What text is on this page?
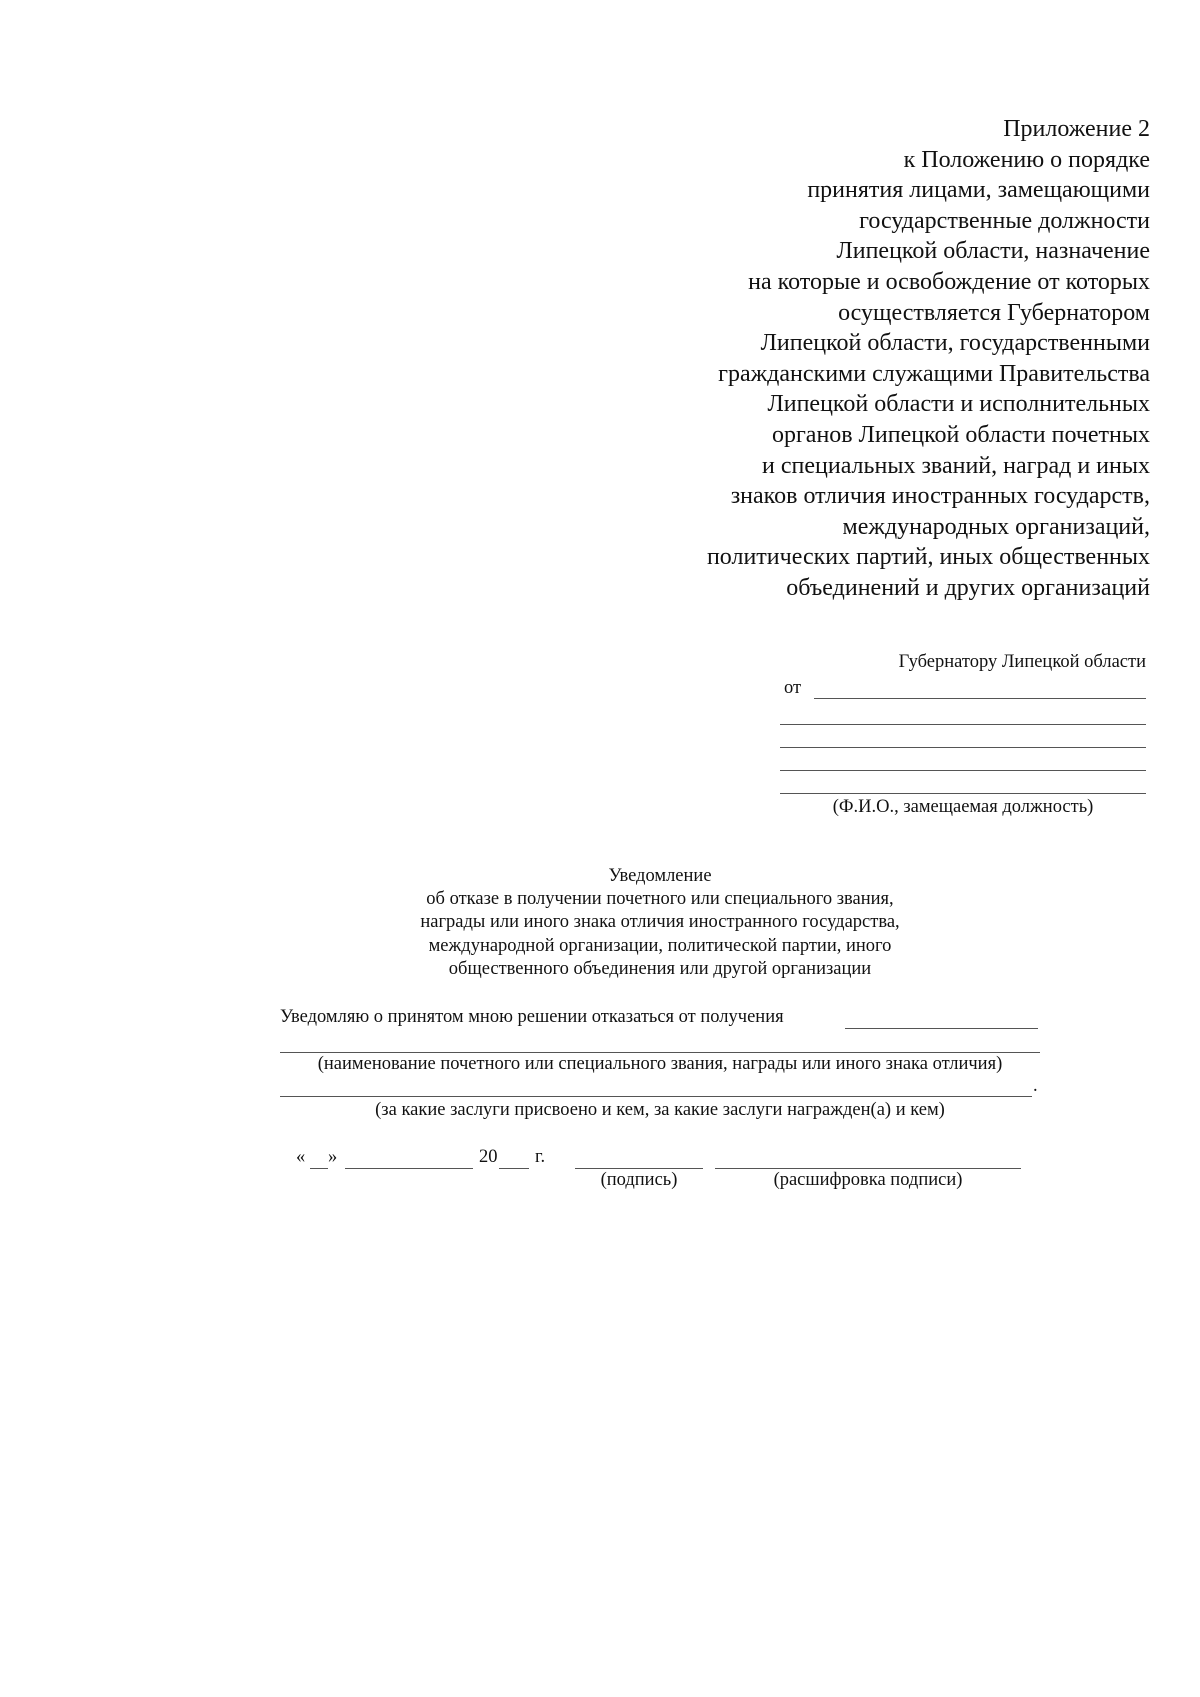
Приложение 2
к Положению о порядке
принятия лицами, замещающими
государственные должности
Липецкой области, назначение
на которые и освобождение от которых
осуществляется Губернатором
Липецкой области, государственными
гражданскими служащими Правительства
Липецкой области и исполнительных
органов Липецкой области почетных
и специальных званий, наград и иных
знаков отличия иностранных государств,
международных организаций,
политических партий, иных общественных
объединений и других организаций
Губернатору Липецкой области
от
(Ф.И.О., замещаемая должность)
Уведомление
об отказе в получении почетного или специального звания,
награды или иного знака отличия иностранного государства,
международной организации, политической партии, иного
общественного объединения или другой организации
Уведомляю о принятом мною решении отказаться от получения
(наименование почетного или специального звания, награды или иного знака отличия)
.
(за какие заслуги присвоено и кем, за какие заслуги награжден(а) и кем)
« »	20 г.
(подпись)	(расшифровка подписи)
